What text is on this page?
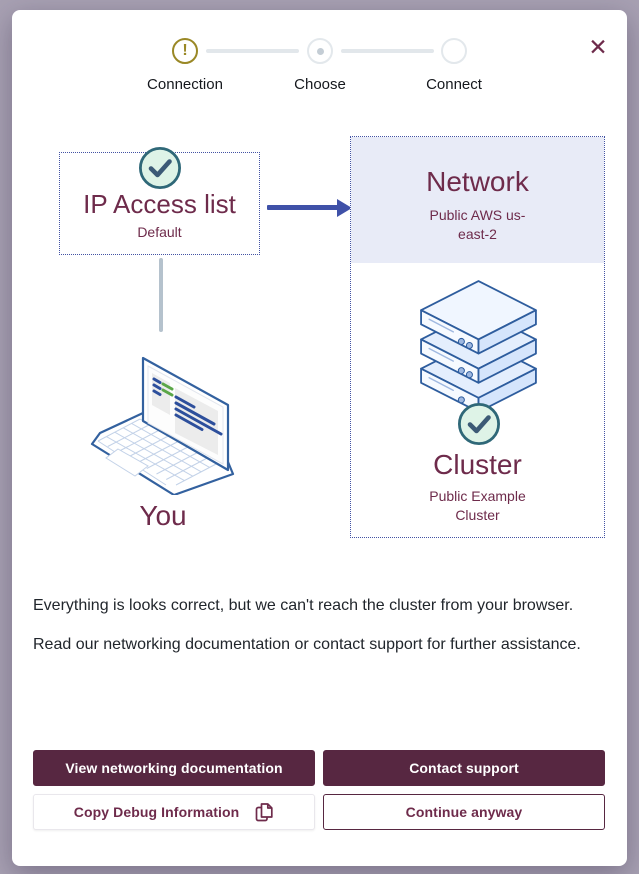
✕
!
Connection	Choose	Connect
IP Access list
Default
You
Network
Public AWS us-east-2
Cluster
Public Example Cluster

Everything is looks correct, but we can't reach the cluster from your browser.

Read our networking documentation or contact support for further assistance.

View networking documentation	Contact support
Copy Debug Information	Continue anyway
